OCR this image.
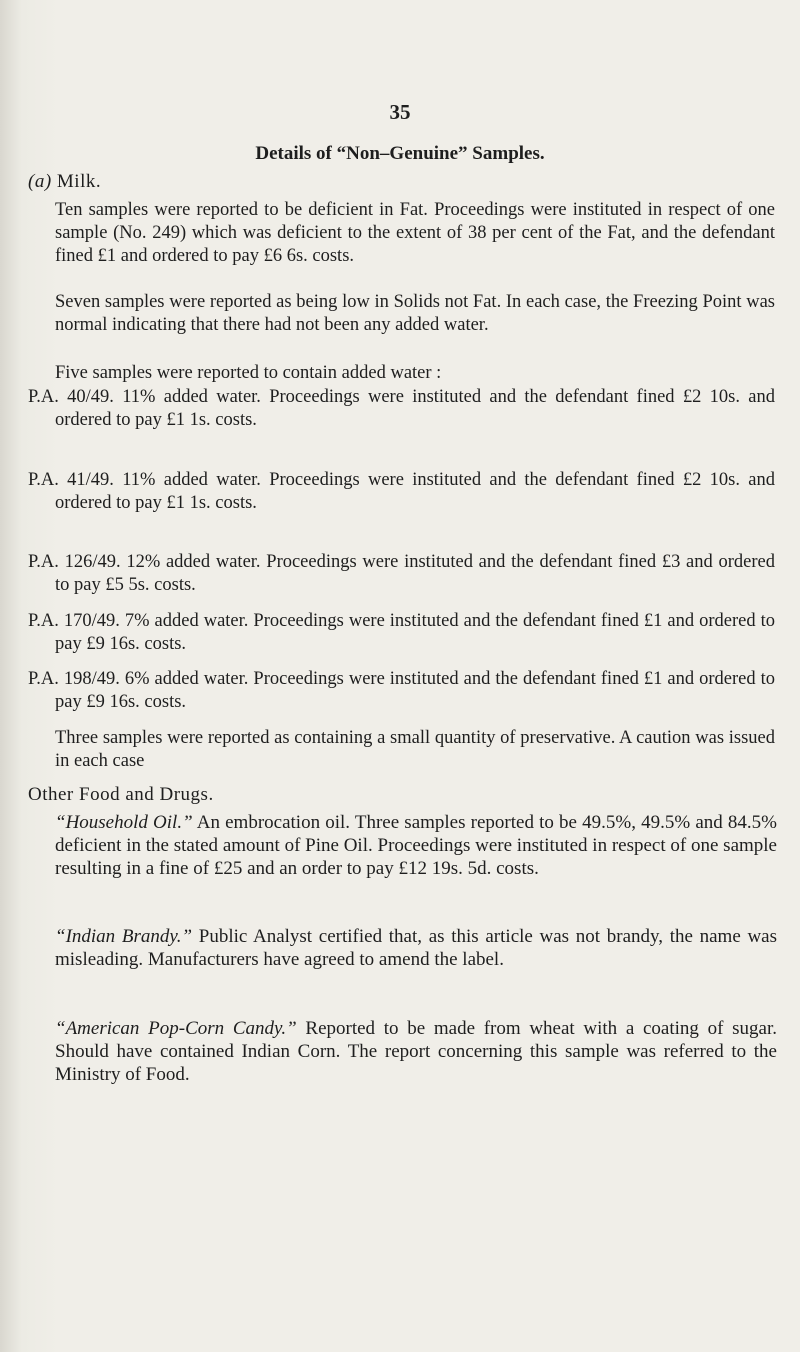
35
Details of “Non–Genuine” Samples.
(a) Milk.
Ten samples were reported to be deficient in Fat. Proceedings were instituted in respect of one sample (No. 249) which was deficient to the extent of 38 per cent of the Fat, and the defendant fined £1 and ordered to pay £6 6s. costs.
Seven samples were reported as being low in Solids not Fat. In each case, the Freezing Point was normal indicating that there had not been any added water.
Five samples were reported to contain added water :
P.A. 40/49. 11% added water. Proceedings were instituted and the defendant fined £2 10s. and ordered to pay £1 1s. costs.
P.A. 41/49. 11% added water. Proceedings were instituted and the defendant fined £2 10s. and ordered to pay £1 1s. costs.
P.A. 126/49. 12% added water. Proceedings were instituted and the defendant fined £3 and ordered to pay £5 5s. costs.
P.A. 170/49. 7% added water. Proceedings were instituted and the defendant fined £1 and ordered to pay £9 16s. costs.
P.A. 198/49. 6% added water. Proceedings were instituted and the defendant fined £1 and ordered to pay £9 16s. costs.
Three samples were reported as containing a small quantity of preservative. A caution was issued in each case
Other Food and Drugs.
“Household Oil.” An embrocation oil. Three samples reported to be 49.5%, 49.5% and 84.5% deficient in the stated amount of Pine Oil. Proceedings were instituted in respect of one sample resulting in a fine of £25 and an order to pay £12 19s. 5d. costs.
“Indian Brandy.” Public Analyst certified that, as this article was not brandy, the name was misleading. Manufacturers have agreed to amend the label.
“American Pop-Corn Candy.” Reported to be made from wheat with a coating of sugar. Should have contained Indian Corn. The report concerning this sample was referred to the Ministry of Food.
